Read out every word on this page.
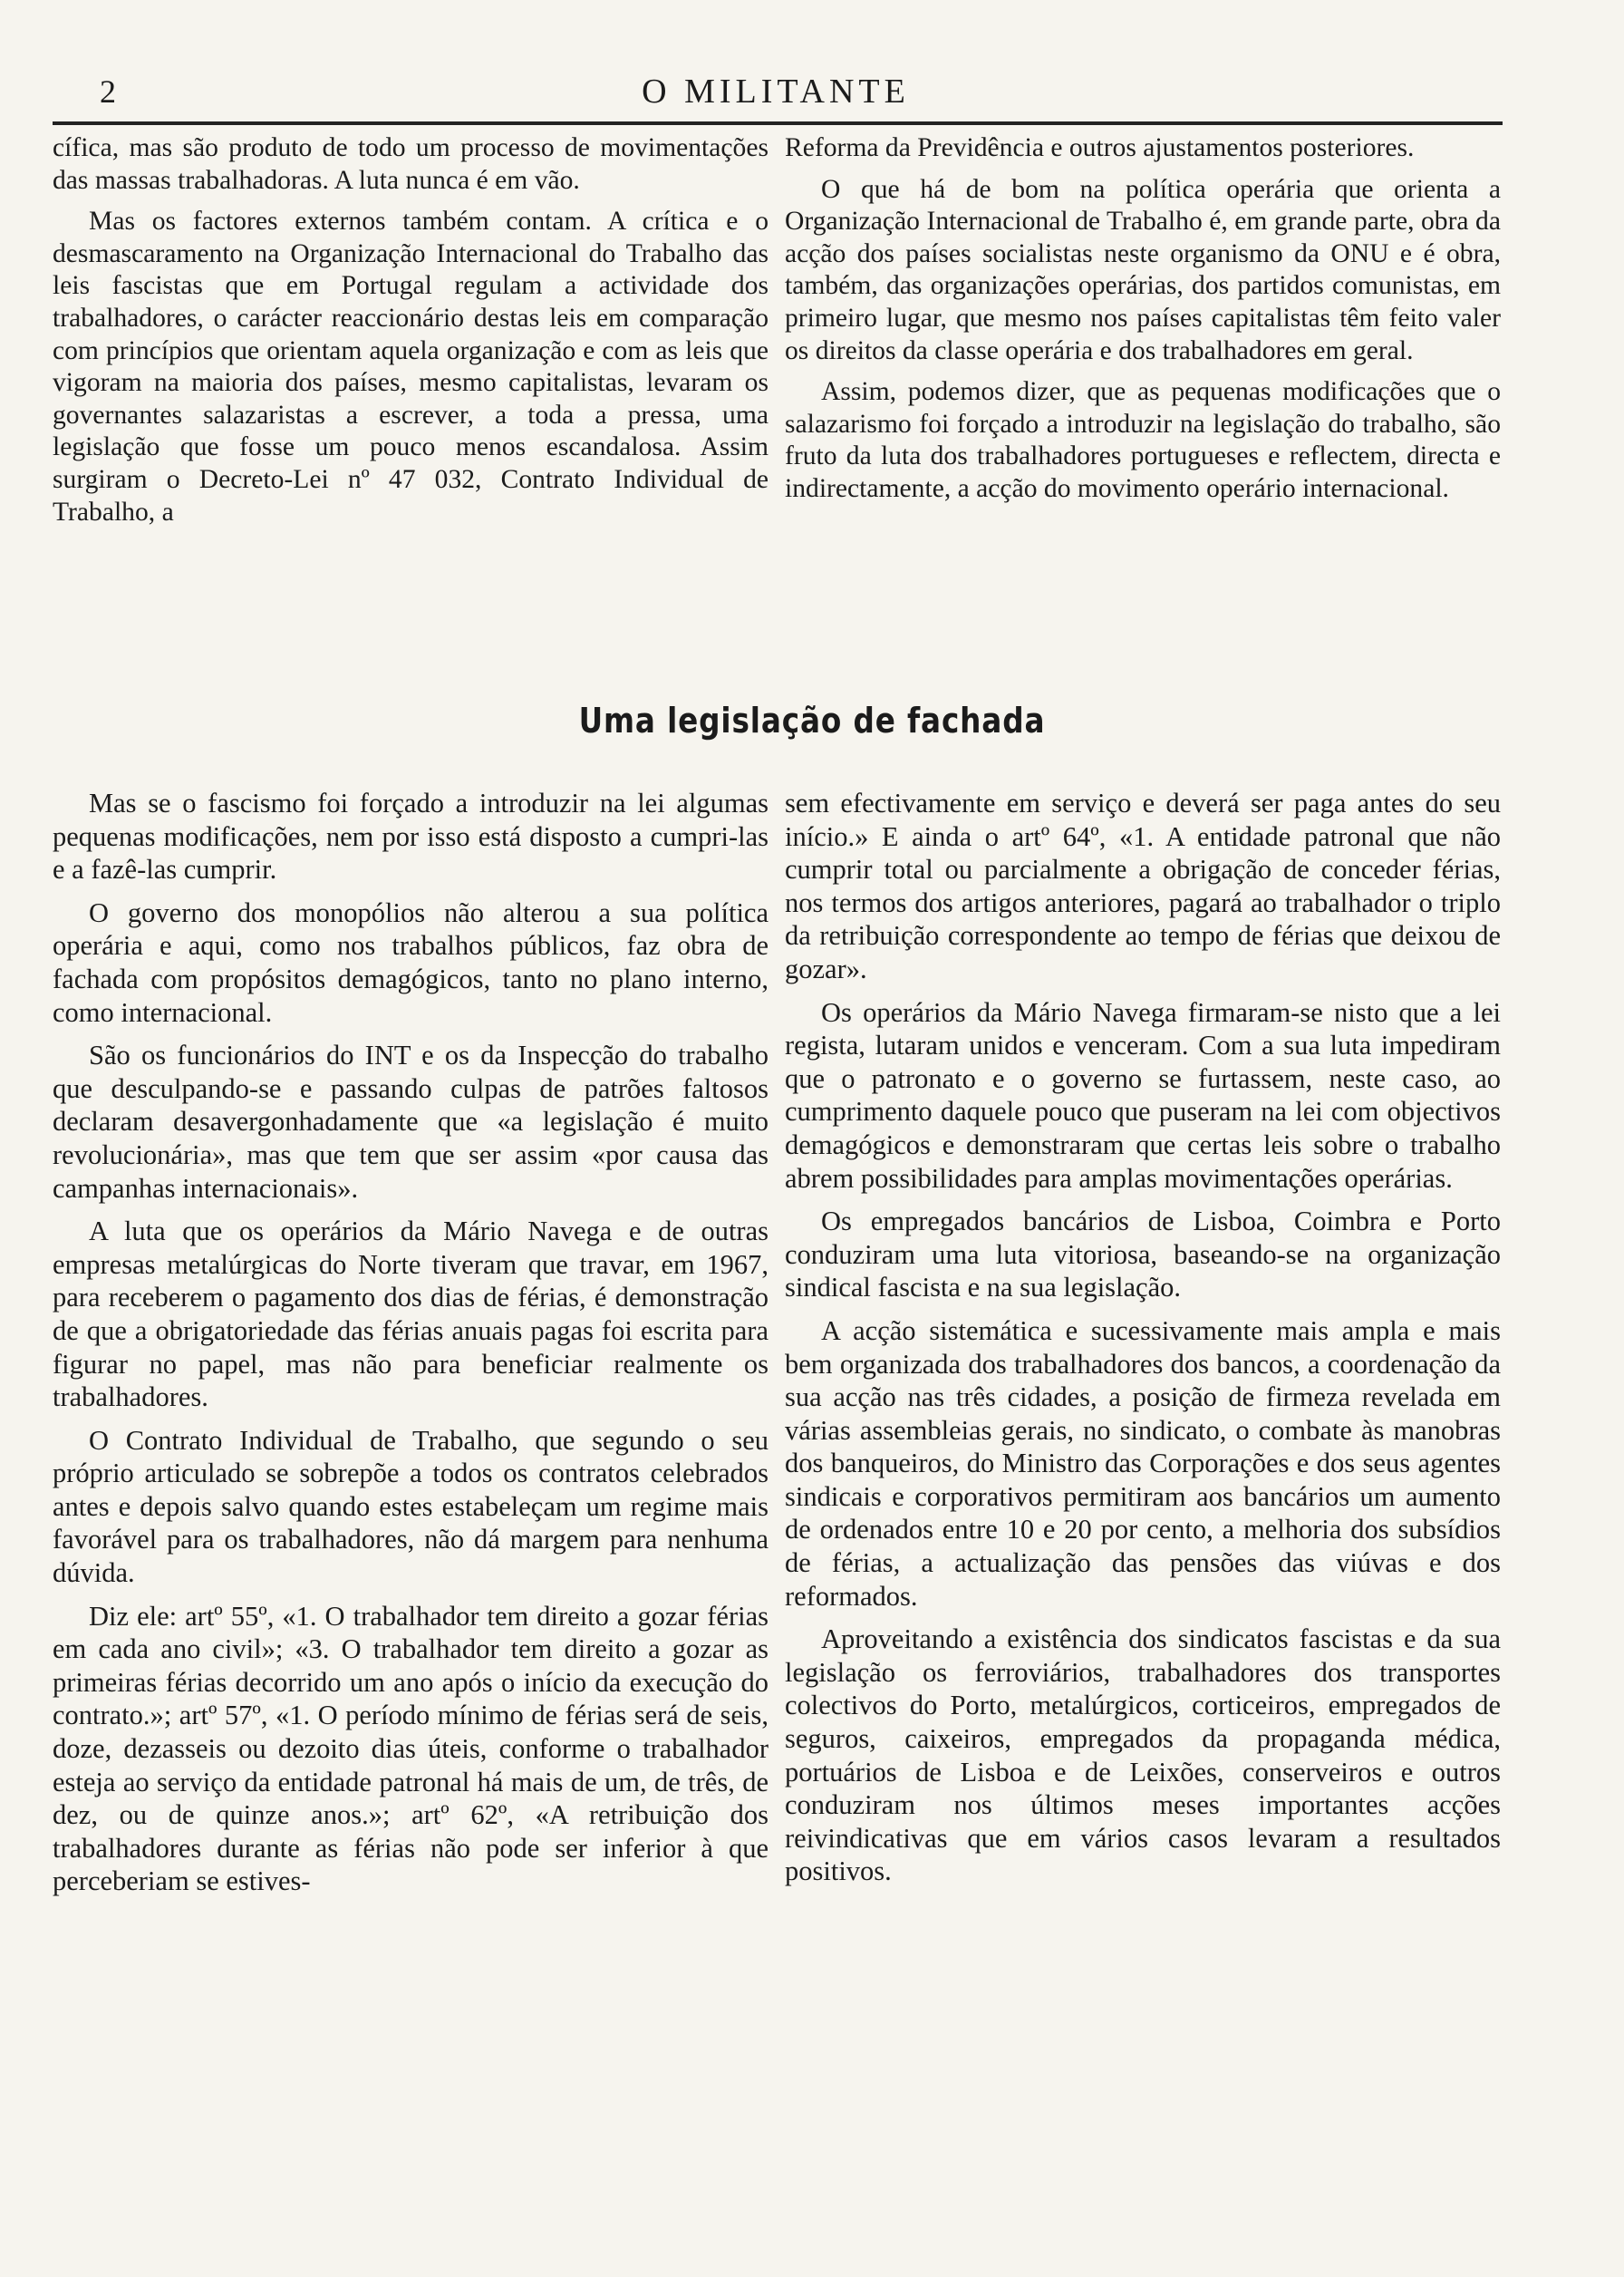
2	O MILITANTE

cífica, mas são produto de todo um processo de movimentações das massas trabalhadoras. A luta nunca é em vão.

Mas os factores externos também contam. A crítica e o desmascaramento na Organização Internacional do Trabalho das leis fascistas que em Portugal regulam a actividade dos trabalhadores, o carácter reaccionário destas leis em comparação com princípios que orientam aquela organização e com as leis que vigoram na maioria dos países, mesmo capitalistas, levaram os governantes salazaristas a escrever, a toda a pressa, uma legislação que fosse um pouco menos escandalosa. Assim surgiram o Decreto-Lei nº 47 032, Contrato Individual de Trabalho, a

Reforma da Previdência e outros ajustamentos posteriores.

O que há de bom na política operária que orienta a Organização Internacional de Trabalho é, em grande parte, obra da acção dos países socialistas neste organismo da ONU e é obra, também, das organizações operárias, dos partidos comunistas, em primeiro lugar, que mesmo nos países capitalistas têm feito valer os direitos da classe operária e dos trabalhadores em geral.

Assim, podemos dizer, que as pequenas modificações que o salazarismo foi forçado a introduzir na legislação do trabalho, são fruto da luta dos trabalhadores portugueses e reflectem, directa e indirectamente, a acção do movimento operário internacional.

Uma legislação de fachada

Mas se o fascismo foi forçado a introduzir na lei algumas pequenas modificações, nem por isso está disposto a cumpri-las e a fazê-las cumprir.

O governo dos monopólios não alterou a sua política operária e aqui, como nos trabalhos públicos, faz obra de fachada com propósitos demagógicos, tanto no plano interno, como internacional.

São os funcionários do INT e os da Inspecção do trabalho que desculpando-se e passando culpas de patrões faltosos declaram desavergonhadamente que «a legislação é muito revolucionária», mas que tem que ser assim «por causa das campanhas internacionais».

A luta que os operários da Mário Navega e de outras empresas metalúrgicas do Norte tiveram que travar, em 1967, para receberem o pagamento dos dias de férias, é demonstração de que a obrigatoriedade das férias anuais pagas foi escrita para figurar no papel, mas não para beneficiar realmente os trabalhadores.

O Contrato Individual de Trabalho, que segundo o seu próprio articulado se sobrepõe a todos os contratos celebrados antes e depois salvo quando estes estabeleçam um regime mais favorável para os trabalhadores, não dá margem para nenhuma dúvida.

Diz ele: artº 55º, «1. O trabalhador tem direito a gozar férias em cada ano civil»; «3. O trabalhador tem direito a gozar as primeiras férias decorrido um ano após o início da execução do contrato.»; artº 57º, «1. O período mínimo de férias será de seis, doze, dezasseis ou dezoito dias úteis, conforme o trabalhador esteja ao serviço da entidade patronal há mais de um, de três, de dez, ou de quinze anos.»; artº 62º, «A retribuição dos trabalhadores durante as férias não pode ser inferior à que perceberiam se estives-

sem efectivamente em serviço e deverá ser paga antes do seu início.» E ainda o artº 64º, «1. A entidade patronal que não cumprir total ou parcialmente a obrigação de conceder férias, nos termos dos artigos anteriores, pagará ao trabalhador o triplo da retribuição correspondente ao tempo de férias que deixou de gozar».

Os operários da Mário Navega firmaram-se nisto que a lei regista, lutaram unidos e venceram. Com a sua luta impediram que o patronato e o governo se furtassem, neste caso, ao cumprimento daquele pouco que puseram na lei com objectivos demagógicos e demonstraram que certas leis sobre o trabalho abrem possibilidades para amplas movimentações operárias.

Os empregados bancários de Lisboa, Coimbra e Porto conduziram uma luta vitoriosa, baseando-se na organização sindical fascista e na sua legislação.

A acção sistemática e sucessivamente mais ampla e mais bem organizada dos trabalhadores dos bancos, a coordenação da sua acção nas três cidades, a posição de firmeza revelada em várias assembleias gerais, no sindicato, o combate às manobras dos banqueiros, do Ministro das Corporações e dos seus agentes sindicais e corporativos permitiram aos bancários um aumento de ordenados entre 10 e 20 por cento, a melhoria dos subsídios de férias, a actualização das pensões das viúvas e dos reformados.

Aproveitando a existência dos sindicatos fascistas e da sua legislação os ferroviários, trabalhadores dos transportes colectivos do Porto, metalúrgicos, corticeiros, empregados de seguros, caixeiros, empregados da propaganda médica, portuários de Lisboa e de Leixões, conserveiros e outros conduziram nos últimos meses importantes acções reivindicativas que em vários casos levaram a resultados positivos.
